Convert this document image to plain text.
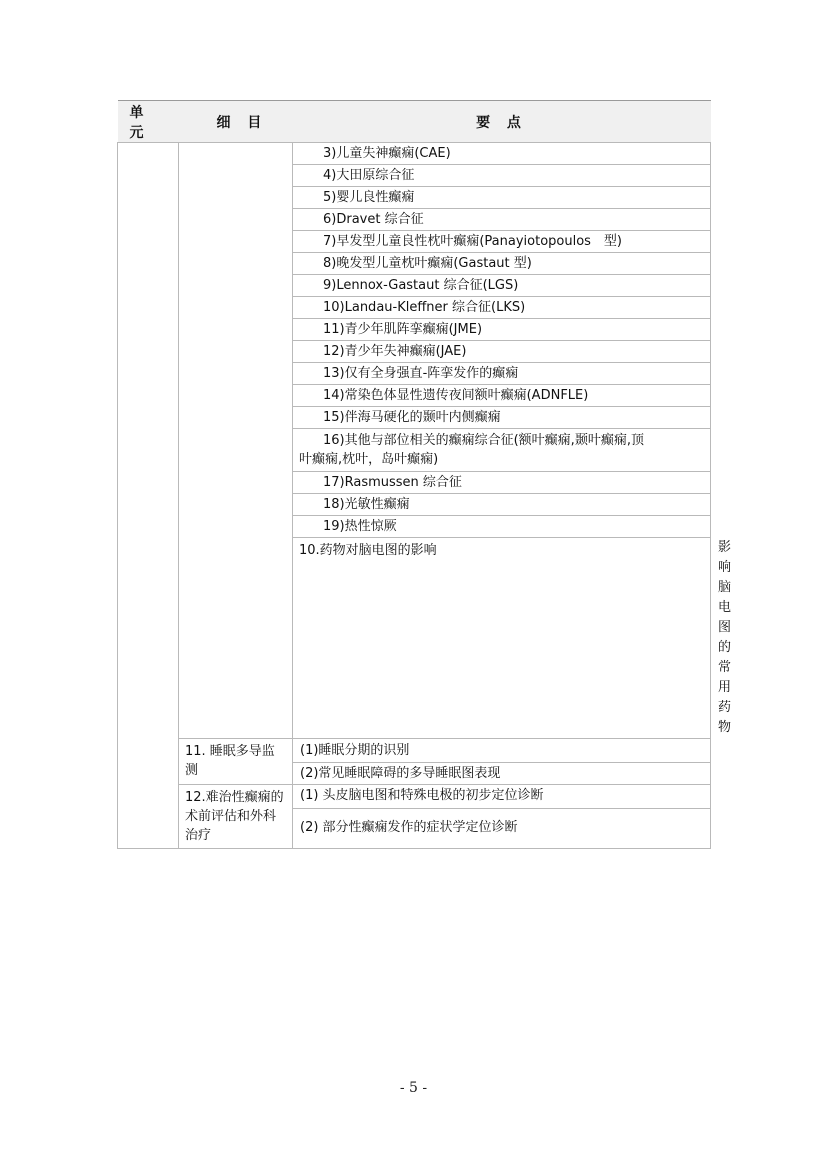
单 元	细 目	要 点	
		3)儿童失神癫痫(CAE)	
		4)大田原综合征	
		5)婴儿良性癫痫	
		6)Dravet 综合征	
		7)早发型儿童良性枕叶癫痫(Panayiotopoulos　型)	
		8)晚发型儿童枕叶癫痫(Gastaut 型)	
		9)Lennox-Gastaut 综合征(LGS)	
		10)Landau-Kleffner 综合征(LKS)	
		11)青少年肌阵挛癫痫(JME)	
		12)青少年失神癫痫(JAE)	
		13)仅有全身强直-阵挛发作的癫痫	
		14)常染色体显性遗传夜间额叶癫痫(ADNFLE)	
		15)伴海马硬化的颞叶内侧癫痫	

		16)其他与部位相关的癫痫综合征(额叶癫痫,颞叶癫痫,顶
叶癫痫,枕叶，岛叶癫痫)	

		17)Rasmussen 综合征	
		18)光敏性癫痫	
		19)热性惊厥	
		10.药物对脑电图的影响	影响脑电图的常用药物
	11. 睡眠多导监测	(1)睡眠分期的识别	
		(2)常见睡眠障碍的多导睡眠图表现	
	12.难治性癫痫的术前评估和外科治疗	(1) 头皮脑电图和特殊电极的初步定位诊断	
		(2) 部分性癫痫发作的症状学定位诊断	
- 5 -
